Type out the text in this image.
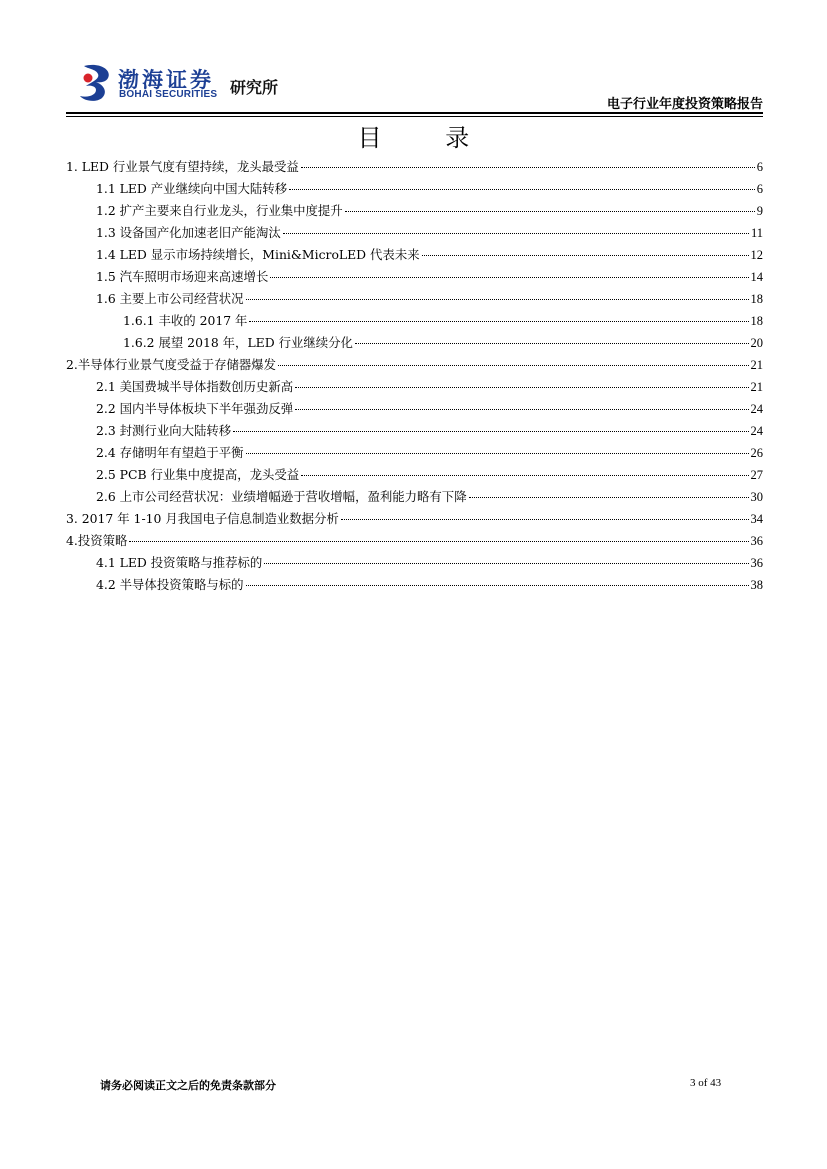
渤海证券
BOHAI SECURITIES 研究所
电子行业年度投资策略报告
目 录
1. LED 行业景气度有望持续，龙头最受益	6
1.1 LED 产业继续向中国大陆转移	6
1.2 扩产主要来自行业龙头，行业集中度提升	9
1.3 设备国产化加速老旧产能淘汰	11
1.4 LED 显示市场持续增长，Mini&MicroLED 代表未来	12
1.5 汽车照明市场迎来高速增长	14
1.6 主要上市公司经营状况	18
1.6.1 丰收的 2017 年	18
1.6.2 展望 2018 年，LED 行业继续分化	20
2.半导体行业景气度受益于存储器爆发	21
2.1 美国费城半导体指数创历史新高	21
2.2 国内半导体板块下半年强劲反弹	24
2.3 封测行业向大陆转移	24
2.4 存储明年有望趋于平衡	26
2.5 PCB 行业集中度提高，龙头受益	27
2.6 上市公司经营状况：业绩增幅逊于营收增幅，盈利能力略有下降	30
3. 2017 年 1-10 月我国电子信息制造业数据分析	34
4.投资策略	36
4.1 LED 投资策略与推荐标的	36
4.2 半导体投资策略与标的	38
请务必阅读正文之后的免责条款部分	3 of 43
